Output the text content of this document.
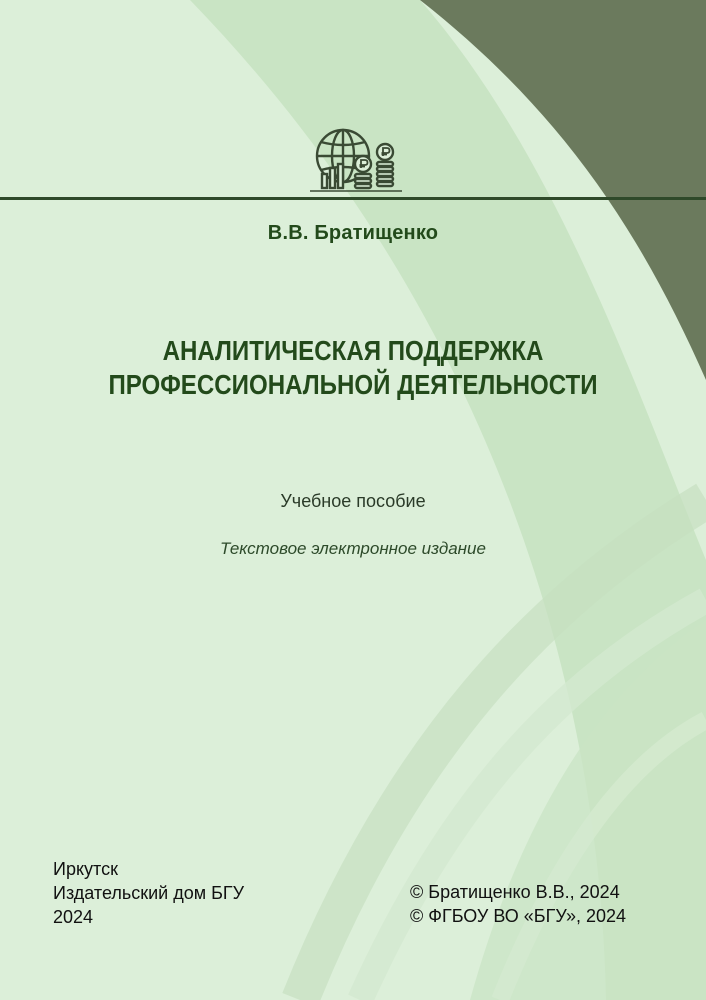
В.В. Братищенко
АНАЛИТИЧЕСКАЯ ПОДДЕРЖКА
ПРОФЕССИОНАЛЬНОЙ ДЕЯТЕЛЬНОСТИ
Учебное пособие
Текстовое электронное издание
Иркутск
Издательский дом БГУ
2024
© Братищенко В.В., 2024
© ФГБОУ ВО «БГУ», 2024
